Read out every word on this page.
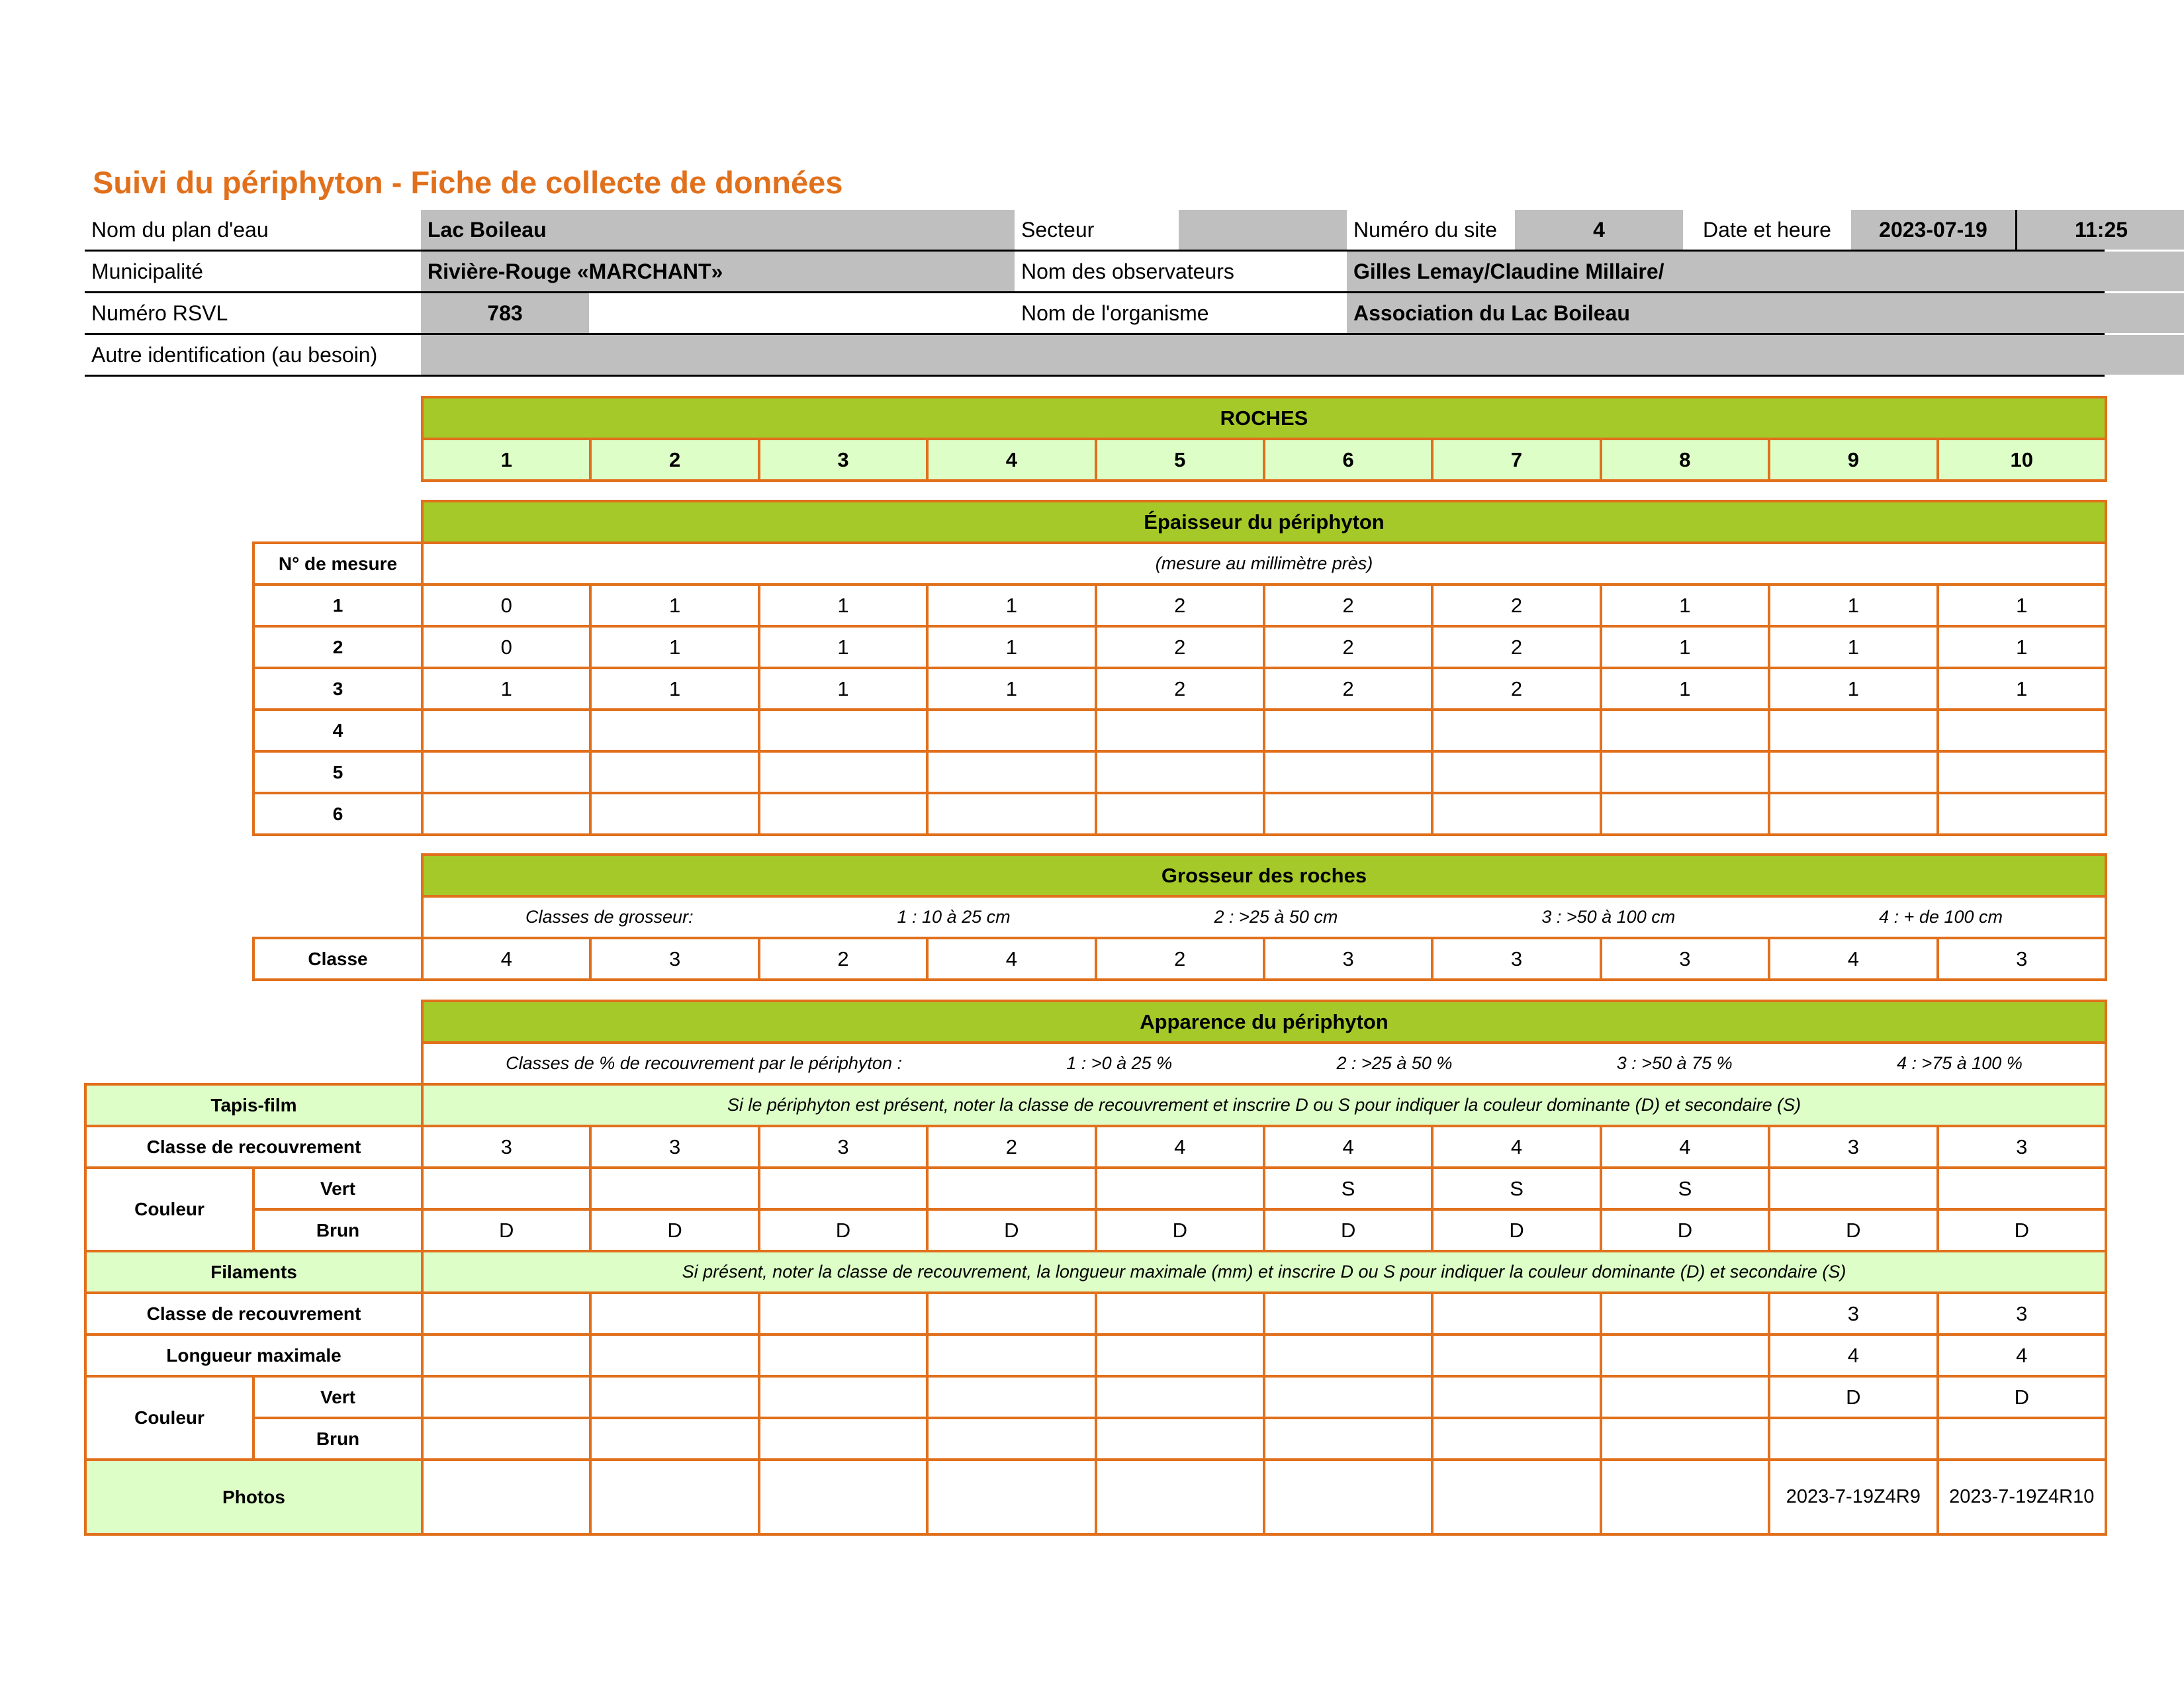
Suivi du périphyton - Fiche de collecte de données
Nom du plan d'eau	Lac Boileau	Secteur	Numéro du site	4	Date et heure	2023-07-19	11:25
Municipalité	Rivière-Rouge «MARCHANT»	Nom des observateurs	Gilles Lemay/Claudine Millaire/
Numéro RSVL	783	Nom de l'organisme	Association du Lac Boileau
Autre identification (au besoin)
ROCHES
1	2	3	4	5	6	7	8	9	10
	Épaisseur du périphyton									
N° de mesure	(mesure au millimètre près)									
1	0	1	1	1	2	2	2	1	1	1
2	0	1	1	1	2	2	2	1	1	1
3	1	1	1	1	2	2	2	1	1	1
4										
5										
6										
	Grosseur des roches									

	Classes de grosseur: 1 : 10 à 25 cm 2 : >25 à 50 cm 3 : >50 à 100 cm 4 : + de 100 cm									

Classe	4	3	2	4	2	3	3	3	4	3
		Apparence du périphyton									

		Classes de % de recouvrement par le périphyton : 1 : >0 à 25 % 2 : >25 à 50 % 3 : >50 à 75 % 4 : >75 à 100 %									

Tapis-film		Si le périphyton est présent, noter la classe de recouvrement et inscrire D ou S pour indiquer la couleur dominante (D) et secondaire (S)									
Classe de recouvrement		3	3	3	2	4	4	4	4	3	3
Couleur	Vert						S	S	S		
	Brun	D	D	D	D	D	D	D	D	D	D
Filaments		Si présent, noter la classe de recouvrement, la longueur maximale (mm) et inscrire D ou S pour indiquer la couleur dominante (D) et secondaire (S)									
Classe de recouvrement										3	3
Longueur maximale										4	4
Couleur	Vert									D	D
	Brun										
Photos										2023-7-19Z4R9	2023-7-19Z4R10
